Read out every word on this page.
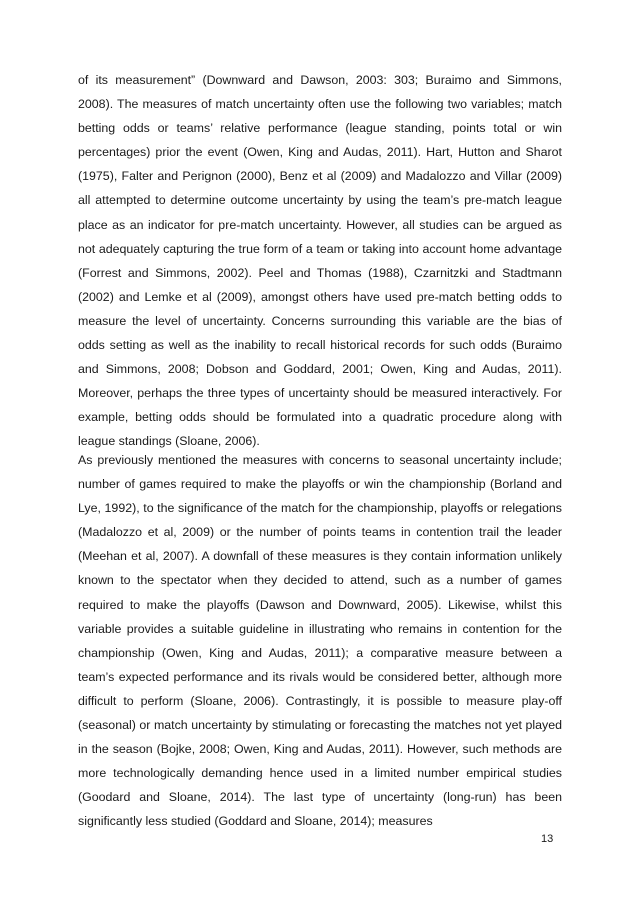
of its measurement” (Downward and Dawson, 2003: 303; Buraimo and Simmons, 2008). The measures of match uncertainty often use the following two variables; match betting odds or teams’ relative performance (league standing, points total or win percentages) prior the event (Owen, King and Audas, 2011). Hart, Hutton and Sharot (1975), Falter and Perignon (2000), Benz et al (2009) and Madalozzo and Villar (2009) all attempted to determine outcome uncertainty by using the team’s pre-match league place as an indicator for pre-match uncertainty. However, all studies can be argued as not adequately capturing the true form of a team or taking into account home advantage (Forrest and Simmons, 2002). Peel and Thomas (1988), Czarnitzki and Stadtmann (2002) and Lemke et al (2009), amongst others have used pre-match betting odds to measure the level of uncertainty. Concerns surrounding this variable are the bias of odds setting as well as the inability to recall historical records for such odds (Buraimo and Simmons, 2008; Dobson and Goddard, 2001; Owen, King and Audas, 2011). Moreover, perhaps the three types of uncertainty should be measured interactively. For example, betting odds should be formulated into a quadratic procedure along with league standings (Sloane, 2006).

As previously mentioned the measures with concerns to seasonal uncertainty include; number of games required to make the playoffs or win the championship (Borland and Lye, 1992), to the significance of the match for the championship, playoffs or relegations (Madalozzo et al, 2009) or the number of points teams in contention trail the leader (Meehan et al, 2007). A downfall of these measures is they contain information unlikely known to the spectator when they decided to attend, such as a number of games required to make the playoffs (Dawson and Downward, 2005). Likewise, whilst this variable provides a suitable guideline in illustrating who remains in contention for the championship (Owen, King and Audas, 2011); a comparative measure between a team’s expected performance and its rivals would be considered better, although more difficult to perform (Sloane, 2006). Contrastingly, it is possible to measure play-off (seasonal) or match uncertainty by stimulating or forecasting the matches not yet played in the season (Bojke, 2008; Owen, King and Audas, 2011). However, such methods are more technologically demanding hence used in a limited number empirical studies (Goodard and Sloane, 2014). The last type of uncertainty (long-run) has been significantly less studied (Goddard and Sloane, 2014); measures

13
